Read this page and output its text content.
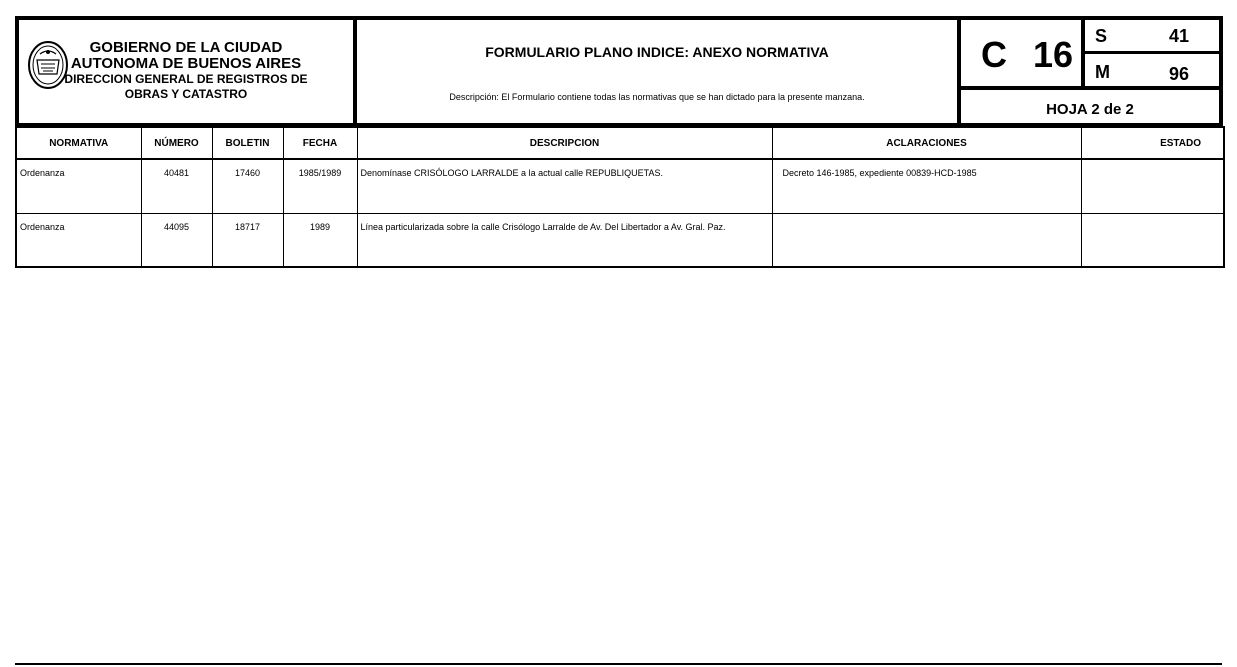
GOBIERNO DE LA CIUDAD
AUTONOMA DE BUENOS AIRES
DIRECCION GENERAL DE REGISTROS DE
OBRAS Y CATASTRO
FORMULARIO PLANO INDICE: ANEXO NORMATIVA
Descripción: El Formulario contiene todas las normativas que se han dictado para la presente manzana.
C 16 S	41
M	96
HOJA 2 de 2
NORMATIVA	NÚMERO	BOLETIN	FECHA	DESCRIPCION	ACLARACIONES	ESTADO
Ordenanza	40481	17460	1985/1989	Denomínase CRISÓLOGO LARRALDE a la actual calle REPUBLIQUETAS.	Decreto 146-1985, expediente 00839-HCD-1985	
Ordenanza	44095	18717	1989	Línea particularizada sobre la calle Crisólogo Larralde de Av. Del Libertador a Av. Gral. Paz.		
